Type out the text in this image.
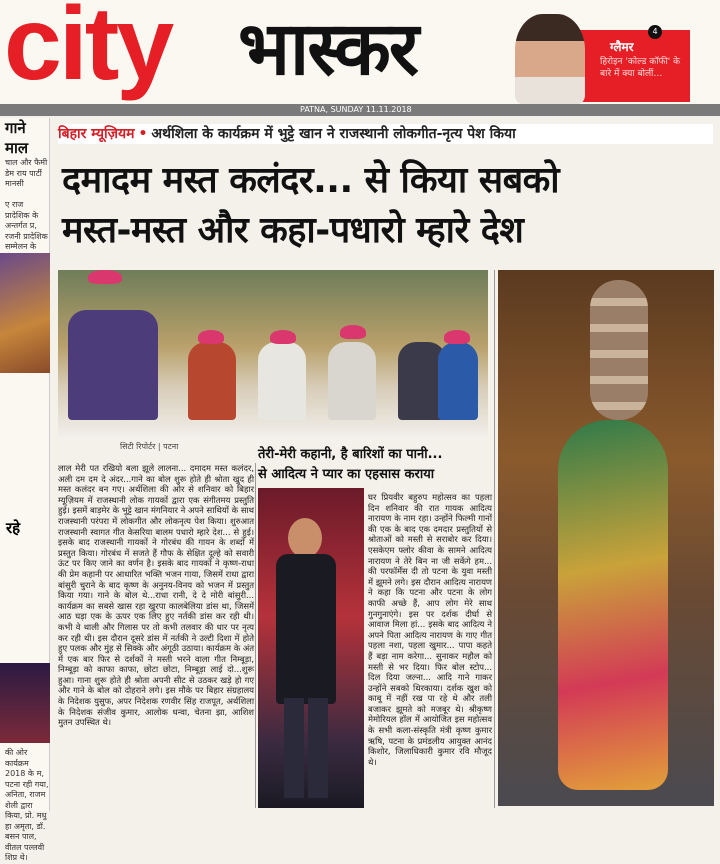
city भास्कर	4
ग्लैमर
हिरोइन 'कोल्ड कॉफी' के बारे में क्या बोलीं…
PATNA, SUNDAY 11.11.2018
गाने
माल
चाल और फैमी डेम राय पार्टी मानसी

ए राज प्रादेशिक के अन्तर्गत प्र, रजनी प्रादेशिक सम्मेलन के
रहे
की ओर कार्यक्रम 2018 के म, पटना रही गया, अनिता, राजम शेली द्वारा किया, प्रो. मधु हा अमृता, डॉ. बसन पाल, वीतल पल्लवी शिप्र थे।
बिहार म्यूज़ियम • अर्थशिला के कार्यक्रम में भुट्टे खान ने राजस्थानी लोकगीत-नृत्य पेश किया
दमादम मस्त कलंदर... से किया सबको
मस्त-मस्त और कहा-पधारो म्हारे देश
सिटी रिपोर्टर | पटना
तेरी-मेरी कहानी, है बारिशों का पानी...
से आदित्य ने प्यार का एहसास कराया
लाल मेरी पत रखियो बला झूले लालना... दमादम मस्त कलंदर, अली दम दम दे अंदर...गाने का बोल शुरू होते ही श्रोता खुद ही मस्त कलंदर बन गए। अर्थशिला की ओर से शनिवार को बिहार म्यूज़ियम में राजस्थानी लोक गायकों द्वारा एक संगीतमय प्रस्तुति हुई। इसमें बाड़मेर के भुट्टे खान मंगनियार ने अपने साथियों के साथ राजस्थानी परंपरा में लोकगीत और लोकनृत्य पेश किया। शुरुआत राजस्थानी स्वागत गीत केसरिया बालम पधारो म्हारे देश... से हुई। इसके बाद राजस्थानी गायकों ने गोरबंध की गायन के शब्दों में प्रस्तुत किया। गोरबंध में सजते हैं गौफ के सेक्षित दूल्हे को सवारी ऊंट पर किए जाने का वर्णन है। इसके बाद गायकों ने कृष्ण-राधा की प्रेम कहानी पर आधारित भक्ति भजन गाया, जिसमें राधा द्वारा बांसुरी चुराने के बाद कृष्ण के अनुनय-विनय को भजन में प्रस्तुत किया गया। गाने के बोल थे...राधा रानी, दे दे मोरी बांसुरी... कार्यक्रम का सबसे खास रहा खुरपा कालबेलिया डांस था, जिसमें आठ घड़ा एक के ऊपर एक लिए हुए नर्तकी डांस कर रही थी। कभी वे थाली और गिलास पर तो कभी तलवार की धार पर नृत्य कर रही थी। इस दौरान दूसरे डांस में नर्तकी ने उल्टी दिशा में होते हुए पलक और मुंह से सिक्के और अंगूठी उठाया। कार्यक्रम के अंत में एक बार फिर से दर्शकों ने मस्ती भरने वाला गीत निम्बूड़ा, निम्बूड़ा को काफा काफा, छोटा छोटा, निम्बूड़ा लाई दो...शुरू हुआ। गाना शुरू होते ही श्रोता अपनी सीट से उठकर खड़े हो गए और गाने के बोल को दोहराने लगे। इस मौके पर बिहार संग्रहालय के निदेशक युसुफ, अपर निदेशक रणवीर सिंह राजपूत, अर्थशिला के निदेशक संजीव कुमार, आलोक धन्वा, चेतना झा, आशिश मुतन उपस्थित थे।
घर प्रियवीर बहुरुप महोत्सव का पहला दिन शनिवार की रात गायक आदित्य नारायण के नाम रहा। उन्होंने फिल्मी गानों की एक के बाद एक दमदार प्रस्तुतियों से श्रोताओं को मस्ती से सराबोर कर दिया। एसकेएम फ्लोर कीवा के सामने आदित्य नारायण ने तेरे बिन ना जी सकेंगे हम... की परफॉर्मेंस दी तो पटना के युवा मस्ती में झूमने लगे। इस दौरान आदित्य नारायण ने कहा कि पटना और पटना के लोग काफी अच्छे हैं, आप लोग मेरे साथ गुनगुनाएंगे। इस पर दर्शक दीर्घा से आवाज मिला हां... इसके बाद आदित्य ने अपने पिता आदित्य नारायण के गाए गीत पहला नशा, पहला खुमार... पापा कहते हैं बड़ा नाम करेगा... सुनाकर महौल को मस्ती से भर दिया। फिर बोल स्टोप... दिल दिया जल्ना... आदि गाने गाकर उन्होंने सबको थिरकाया। दर्शक खुश को काबू में नहीं रख पा रहे थे और तली बजाकर झूमते को मजबूर थे। श्रीकृष्ण मेमोरियल हॉल में आयोजित इस महोत्सव के सभी कला-संस्कृति मंत्री कृष्ण कुमार ऋषि, पटना के प्रमंडलीय आयुक्त आनंद किशोर, जिलाधिकारी कुमार रवि मौजूद थे।
